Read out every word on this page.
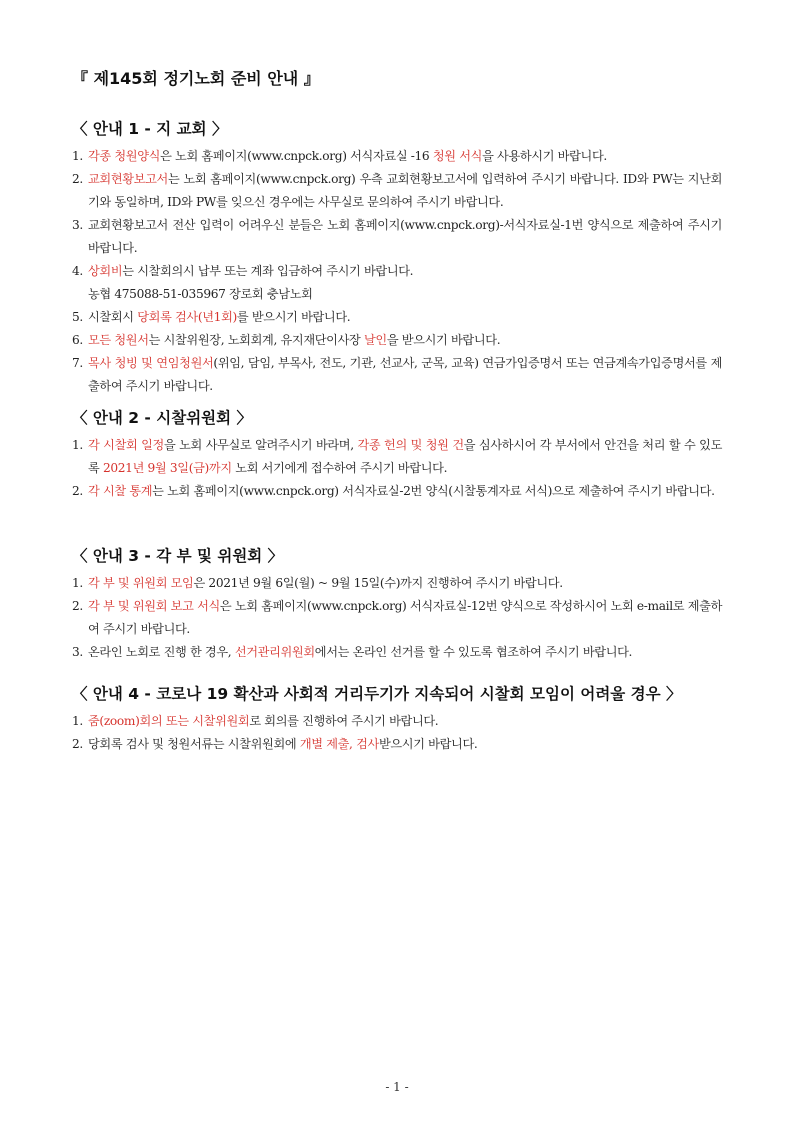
『 제145회 정기노회 준비 안내 』
〈 안내 1 - 지 교회 〉
1. 각종 청원양식은 노회 홈페이지(www.cnpck.org) 서식자료실 -16 청원 서식을 사용하시기 바랍니다.
2. 교회현황보고서는 노회 홈페이지(www.cnpck.org) 우측 교회현황보고서에 입력하여 주시기 바랍니다. ID와 PW는 지난회기와 동일하며, ID와 PW를 잊으신 경우에는 사무실로 문의하여 주시기 바랍니다.
3. 교회현황보고서 전산 입력이 어려우신 분들은 노회 홈페이지(www.cnpck.org)-서식자료실-1번 양식으로 제출하여 주시기 바랍니다.
4. 상회비는 시찰회의시 납부 또는 계좌 입금하여 주시기 바랍니다.
농협 475088-51-035967 장로회 충남노회
5. 시찰회시 당회록 검사(년1회)를 받으시기 바랍니다.
6. 모든 청원서는 시찰위원장, 노회회계, 유지재단이사장 날인을 받으시기 바랍니다.
7. 목사 청빙 및 연임청원서(위임, 담임, 부목사, 전도, 기관, 선교사, 군목, 교육) 연금가입증명서 또는 연금계속가입증명서를 제출하여 주시기 바랍니다.
〈 안내 2 - 시찰위원회 〉
1. 각 시찰회 일정을 노회 사무실로 알려주시기 바라며, 각종 헌의 및 청원 건을 심사하시어 각 부서에서 안건을 처리 할 수 있도록 2021년 9월 3일(금)까지 노회 서기에게 접수하여 주시기 바랍니다.
2. 각 시찰 통계는 노회 홈페이지(www.cnpck.org) 서식자료실-2번 양식(시찰통계자료 서식)으로 제출하여 주시기 바랍니다.
〈 안내 3 - 각 부 및 위원회 〉
1. 각 부 및 위원회 모임은 2021년 9월 6일(월) ~ 9월 15일(수)까지 진행하여 주시기 바랍니다.
2. 각 부 및 위원회 보고 서식은 노회 홈페이지(www.cnpck.org) 서식자료실-12번 양식으로 작성하시어 노회 e-mail로 제출하여 주시기 바랍니다.
3. 온라인 노회로 진행 한 경우, 선거관리위원회에서는 온라인 선거를 할 수 있도록 협조하여 주시기 바랍니다.
〈 안내 4 - 코로나 19 확산과 사회적 거리두기가 지속되어 시찰회 모임이 어려울 경우 〉
1. 줌(zoom)회의 또는 시찰위원회로 회의를 진행하여 주시기 바랍니다.
2. 당회록 검사 및 청원서류는 시찰위원회에 개별 제출, 검사받으시기 바랍니다.
- 1 -
